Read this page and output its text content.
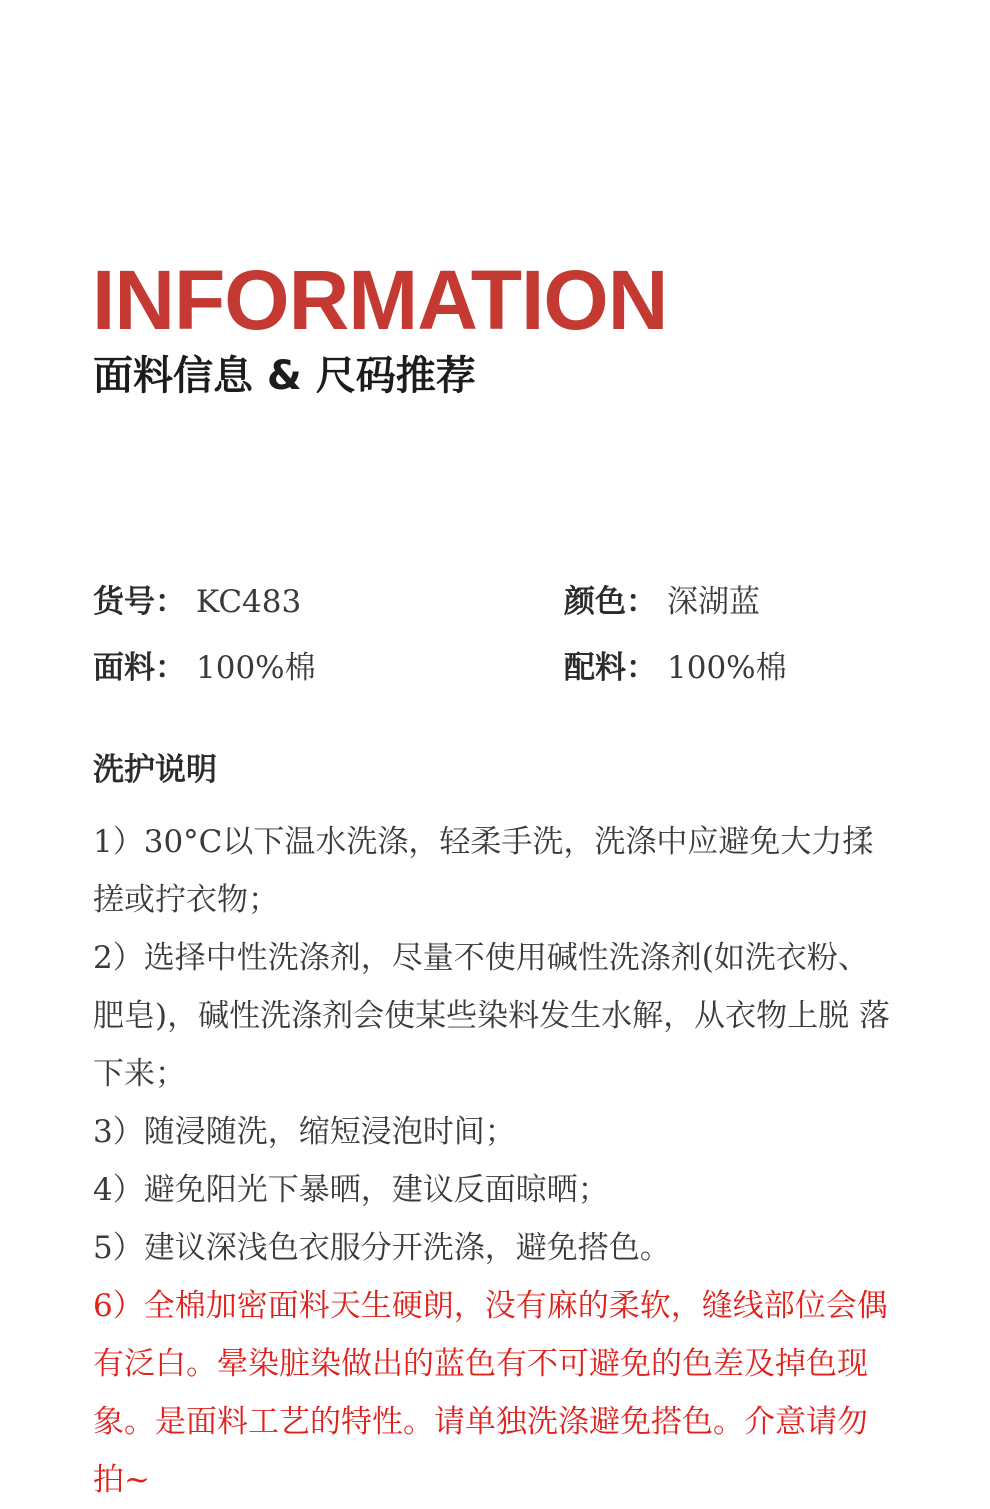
INFORMATION
面料信息 & 尺码推荐
货号 ： KC483	颜色 ： 深湖蓝
面料 ： 100%棉	配料 ： 100%棉
洗护说明
1）30°C以下温水洗涤，轻柔手洗，洗涤中应避免大力揉搓或拧衣物；
2）选择中性洗涤剂，尽量不使用碱性洗涤剂(如洗衣粉、 肥皂)，碱性洗涤剂会使某些染料发生水解，从衣物上脱 落下来；
3）随浸随洗，缩短浸泡时间；
4）避免阳光下暴晒，建议反面晾晒；
5）建议深浅色衣服分开洗涤，避免搭色。
6）全棉加密面料天生硬朗，没有麻的柔软，缝线部位会偶有泛白。晕染脏染做出的蓝色有不可避免的色差及掉色现象。是面料工艺的特性。请单独洗涤避免搭色。介意请勿拍~
